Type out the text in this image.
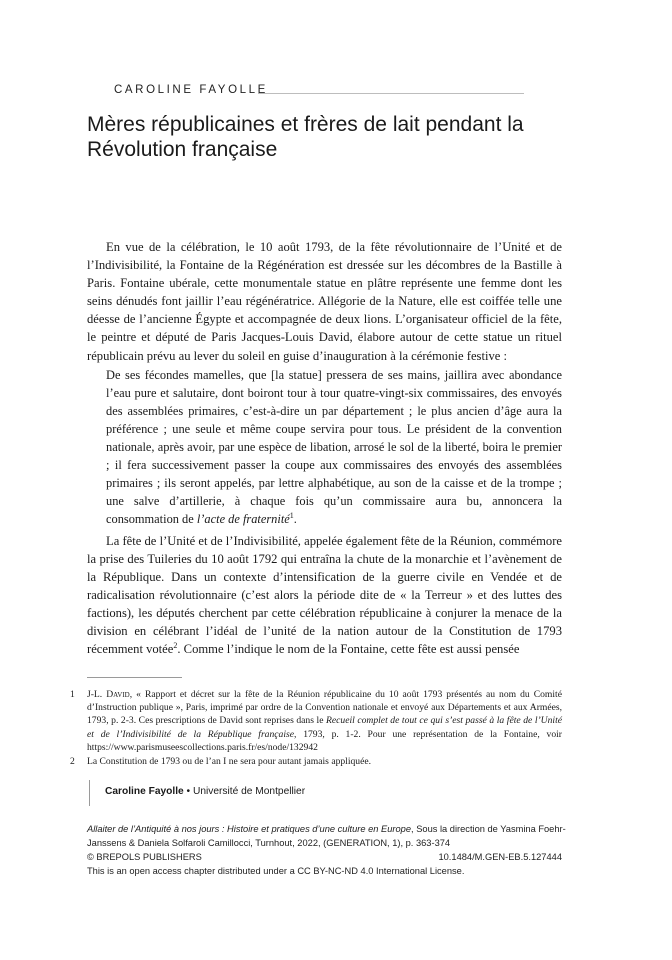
CAROLINE FAYOLLE
Mères républicaines et frères de lait pendant la Révolution française

En vue de la célébration, le 10 août 1793, de la fête révolutionnaire de l’Unité et de l’Indivisibilité, la Fontaine de la Régénération est dressée sur les décombres de la Bastille à Paris. Fontaine ubérale, cette monumentale statue en plâtre représente une femme dont les seins dénudés font jaillir l’eau régénératrice. Allégorie de la Nature, elle est coiffée telle une déesse de l’ancienne Égypte et accompagnée de deux lions. L’organisateur officiel de la fête, le peintre et député de Paris Jacques-Louis David, élabore autour de cette statue un rituel républicain prévu au lever du soleil en guise d’inauguration à la cérémonie festive :

De ses fécondes mamelles, que [la statue] pressera de ses mains, jaillira avec abondance l’eau pure et salutaire, dont boiront tour à tour quatre-vingt-six commissaires, des envoyés des assemblées primaires, c’est-à-dire un par département ; le plus ancien d’âge aura la préférence ; une seule et même coupe servira pour tous. Le président de la convention nationale, après avoir, par une espèce de libation, arrosé le sol de la liberté, boira le premier ; il fera successivement passer la coupe aux commissaires des envoyés des assemblées primaires ; ils seront appelés, par lettre alphabétique, au son de la caisse et de la trompe ; une salve d’artillerie, à chaque fois qu’un commissaire aura bu, annoncera la consommation de l’acte de fraternité$^1$.

La fête de l’Unité et de l’Indivisibilité, appelée également fête de la Réunion, commémore la prise des Tuileries du 10 août 1792 qui entraîna la chute de la monarchie et l’avènement de la République. Dans un contexte d’intensification de la guerre civile en Vendée et de radicalisation révolutionnaire (c’est alors la période dite de « la Terreur » et des luttes des factions), les députés cherchent par cette célébration républicaine à conjurer la menace de la division en célébrant l’idéal de l’unité de la nation autour de la Constitution de 1793 récemment votée$^2$. Comme l’indique le nom de la Fontaine, cette fête est aussi pensée

1	J-L. David, « Rapport et décret sur la fête de la Réunion républicaine du 10 août 1793 présentés au nom du Comité d’Instruction publique », Paris, imprimé par ordre de la Convention nationale et envoyé aux Départements et aux Armées, 1793, p. 2-3. Ces prescriptions de David sont reprises dans le Recueil complet de tout ce qui s’est passé à la fête de l’Unité et de l’Indivisibilité de la République française, 1793, p. 1-2. Pour une représentation de la Fontaine, voir https://www.parismuseescollections.paris.fr/es/node/132942
2	La Constitution de 1793 ou de l’an I ne sera pour autant jamais appliquée.
Caroline Fayolle • Université de Montpellier
Allaiter de l’Antiquité à nos jours : Histoire et pratiques d’une culture en Europe, Sous la direction de Yasmina Foehr-
Janssens & Daniela Solfaroli Camillocci, Turnhout, 2022, (GENERATION, 1), p. 363-374
© BREPOLS PUBLISHERS	10.1484/M.GEN-EB.5.127444
This is an open access chapter distributed under a CC BY-NC-ND 4.0 International License.
